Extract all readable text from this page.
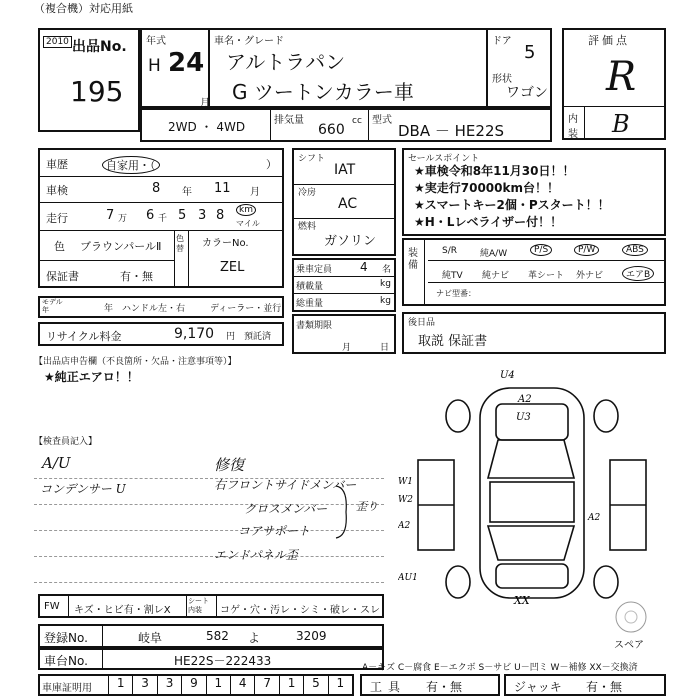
（複合機）対応用紙
2010 出品No.
195
年式
H 24
月
車名・グレード
アルトラパン
G ツートンカラー車
ドア
5
形状
ワゴン
評価点
R
内装 B
2WD ・ 4WD	排気量
660
cc 型式
DBA － HE22S
車歴	自家用・（	）
車検	8 年 11 月
走行	7 万 6 千 5 3 8	km
マイル
色 ブラウンパールⅡ
色替 カラーNo.
ZEL
保証書	有・無
モデル年	年 ハンドル 左・右	ディーラー・並行
リサイクル料金	9,170 円 預託済
シフト
IAT
冷房
AC
燃料
ガソリン
乗車定員 4 名
積載量	kg
総重量	kg
書類期限
月	日
セールスポイント
★車検令和8年11月30日！！
★実走行70000km台！！
★スマートキー2個・Pスタート！！
★H・Lレベライザー付！！
装備
S/R	純A/W	P/S	P/W	ABS
純TV 純ナビ 革シート 外ナビ	エアB
ナビ型番：
後日品
取説 保証書
【出品店申告欄（不良箇所・欠品・注意事項等）】
★純正エアロ！！
【検査員記入】
A/U	修復
コンデンサー U	右フロントサイドメンバー
クロスメンバー	歪り
コアサポート
エンドパネル歪
U4
A2
U3
W1
W2
A2
A2
AU1
XX
スペア
FW キズ・ヒビ有・割レX
シート内装	コゲ・穴・汚レ・シミ・破レ・スレ
登録No.	岐阜	582 よ	3209
車台No.	HE22S－222433	A－キズ C－腐食 E－エクボ S－サビ U－凹ミ W－補修 XX－交換済
車庫証明用	1	3	3	9	1	4	7	1	5	1	工具 有・無	ジャッキ 有・無
